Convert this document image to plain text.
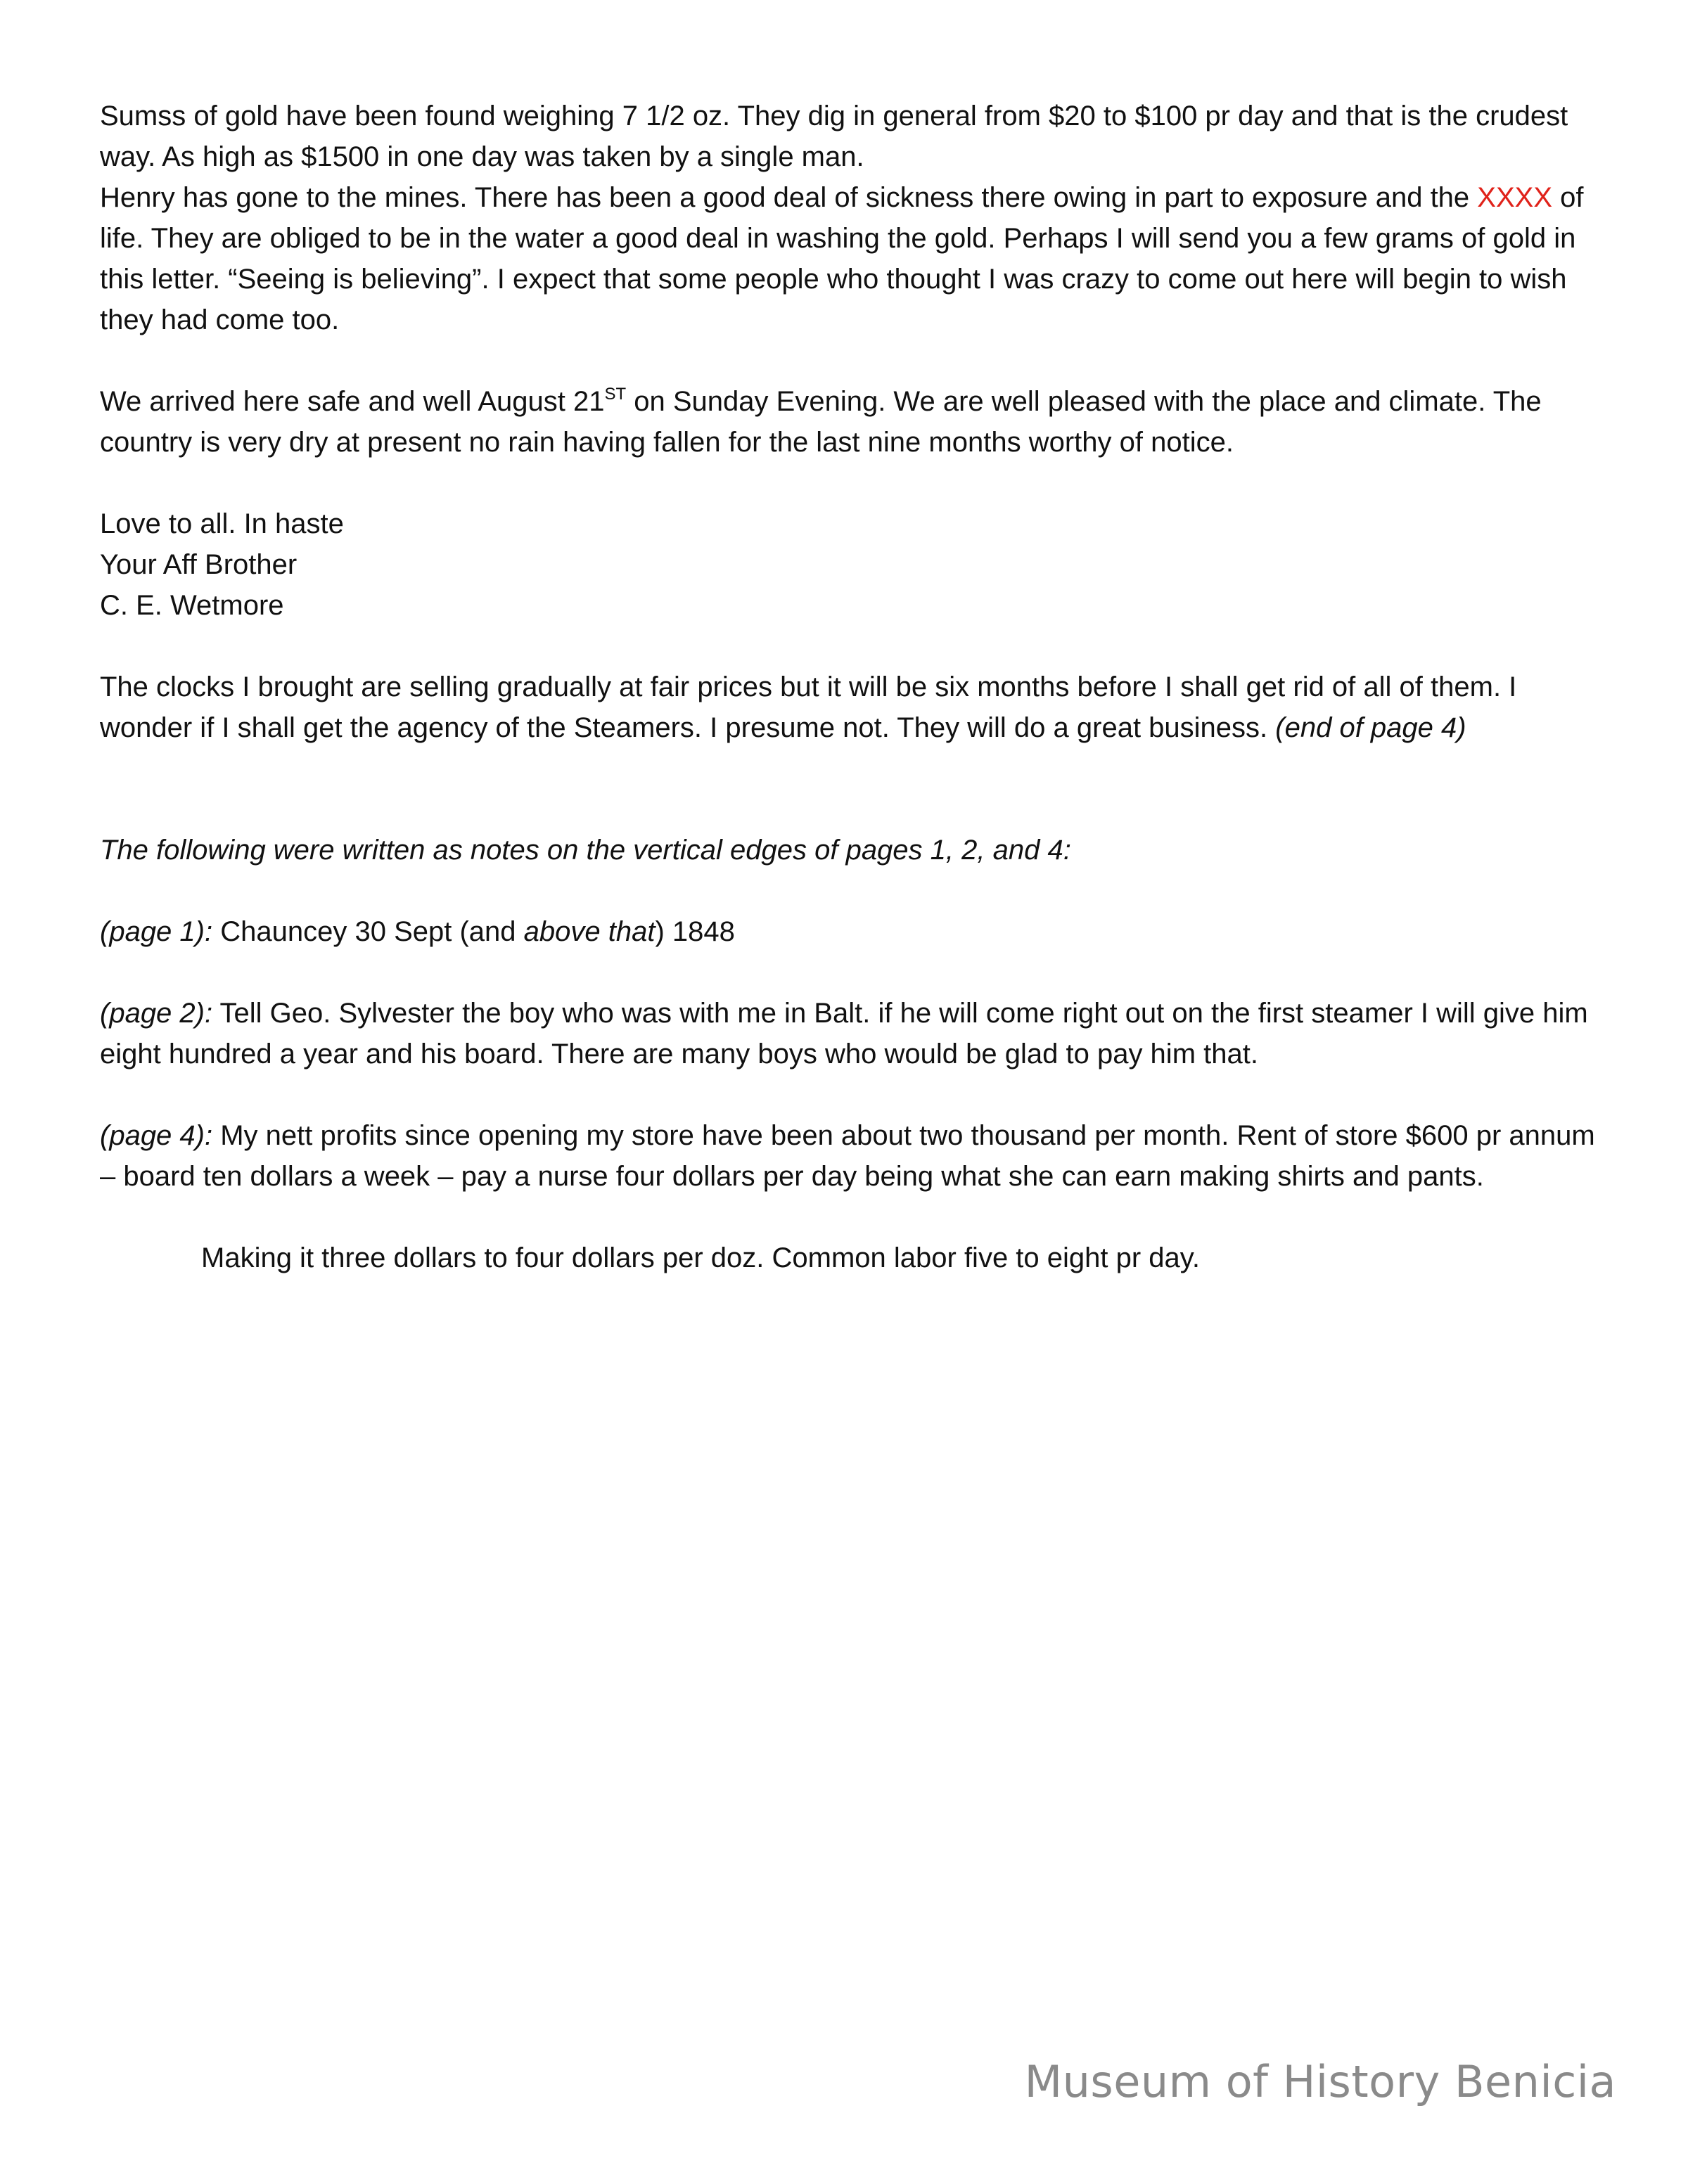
Sumss of gold have been found weighing 7 1/2 oz. They dig in general from $20 to $100 pr day and that is the crudest way. As high as $1500 in one day was taken by a single man.

Henry has gone to the mines. There has been a good deal of sickness there owing in part to exposure and the XXXX of life. They are obliged to be in the water a good deal in washing the gold. Perhaps I will send you a few grams of gold in this letter. “Seeing is believing”. I expect that some people who thought I was crazy to come out here will begin to wish they had come too.

We arrived here safe and well August 21ST on Sunday Evening. We are well pleased with the place and climate. The country is very dry at present no rain having fallen for the last nine months worthy of notice.

Love to all. In haste

Your Aff Brother

C. E. Wetmore

The clocks I brought are selling gradually at fair prices but it will be six months before I shall get rid of all of them. I wonder if I shall get the agency of the Steamers. I presume not. They will do a great business. (end of page 4)

The following were written as notes on the vertical edges of pages 1, 2, and 4:

(page 1): Chauncey 30 Sept (and above that) 1848

(page 2): Tell Geo. Sylvester the boy who was with me in Balt. if he will come right out on the first steamer I will give him eight hundred a year and his board. There are many boys who would be glad to pay him that.

(page 4): My nett profits since opening my store have been about two thousand per month. Rent of store $600 pr annum – board ten dollars a week – pay a nurse four dollars per day being what she can earn making shirts and pants.

Making it three dollars to four dollars per doz. Common labor five to eight pr day.

Museum of History Benicia
